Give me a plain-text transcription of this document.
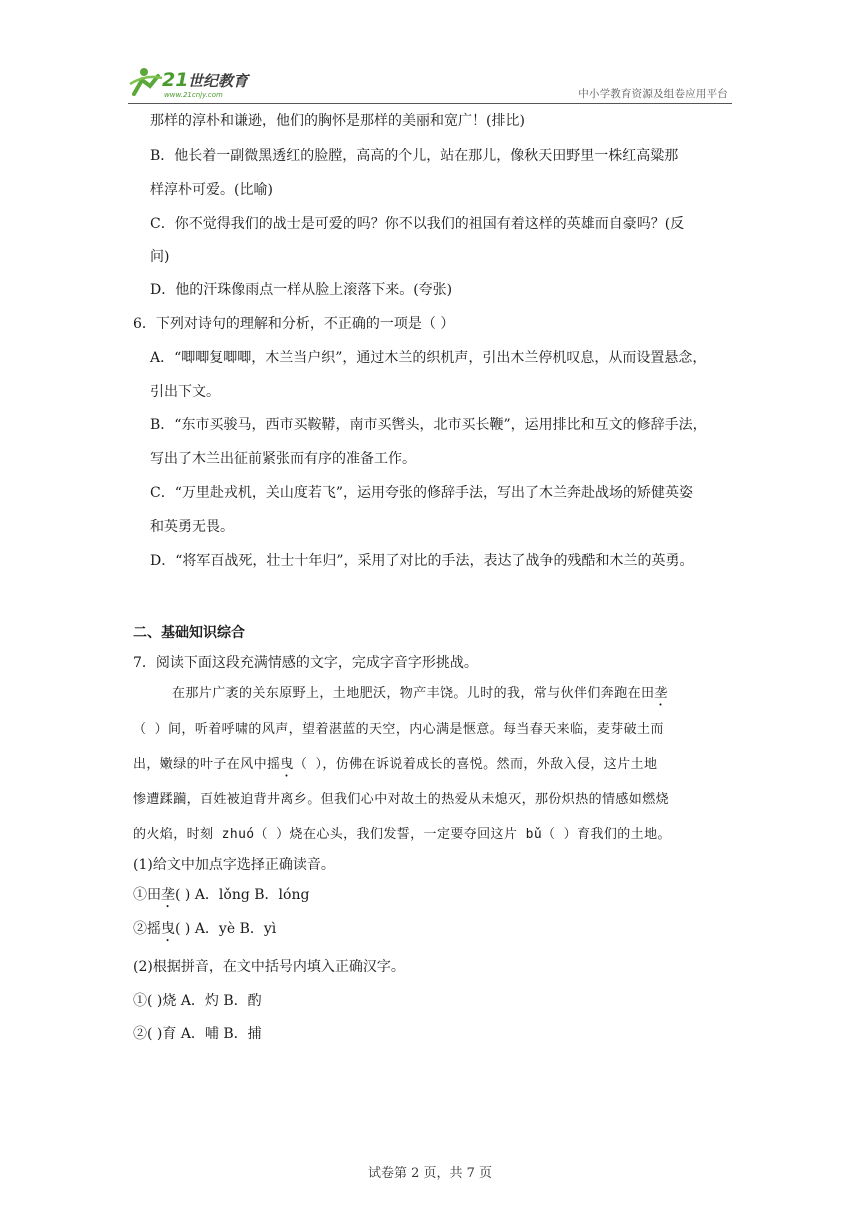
21 世纪教育
www.21cnjy.com	中小学教育资源及组卷应用平台
那样的淳朴和谦逊，他们的胸怀是那样的美丽和宽广！(排比)
B．他长着一副微黑透红的脸膛，高高的个儿，站在那儿，像秋天田野里一株红高粱那
样淳朴可爱。(比喻)
C．你不觉得我们的战士是可爱的吗？你不以我们的祖国有着这样的英雄而自豪吗？(反
问)
D．他的汗珠像雨点一样从脸上滚落下来。(夸张)
6．下列对诗句的理解和分析，不正确的一项是（ ）
A．“唧唧复唧唧，木兰当户织”，通过木兰的织机声，引出木兰停机叹息，从而设置悬念，
引出下文。
B．“东市买骏马，西市买鞍鞯，南市买辔头，北市买长鞭”，运用排比和互文的修辞手法，
写出了木兰出征前紧张而有序的准备工作。
C．“万里赴戎机，关山度若飞”，运用夸张的修辞手法，写出了木兰奔赴战场的矫健英姿
和英勇无畏。
D．“将军百战死，壮士十年归”，采用了对比的手法，表达了战争的残酷和木兰的英勇。
二、基础知识综合
7．阅读下面这段充满情感的文字，完成字音字形挑战。
在那片广袤的关东原野上，土地肥沃，物产丰饶。儿时的我，常与伙伴们奔跑在田垄
（ ）间，听着呼啸的风声，望着湛蓝的天空，内心满是惬意。每当春天来临，麦芽破土而
出，嫩绿的叶子在风中摇曳（ ），仿佛在诉说着成长的喜悦。然而，外敌入侵，这片土地
惨遭蹂躏，百姓被迫背井离乡。但我们心中对故土的热爱从未熄灭，那份炽热的情感如燃烧
的火焰，时刻 zhuó（ ）烧在心头，我们发誓，一定要夺回这片 bǔ（ ）育我们的土地。
(1)给文中加点字选择正确读音。
①田垄( ) A．lǒng B．lóng
②摇曳( ) A．yè B．yì
(2)根据拼音，在文中括号内填入正确汉字。
①( )烧 A．灼 B．酌
②( )育 A．哺 B．捕
试卷第 2 页，共 7 页
